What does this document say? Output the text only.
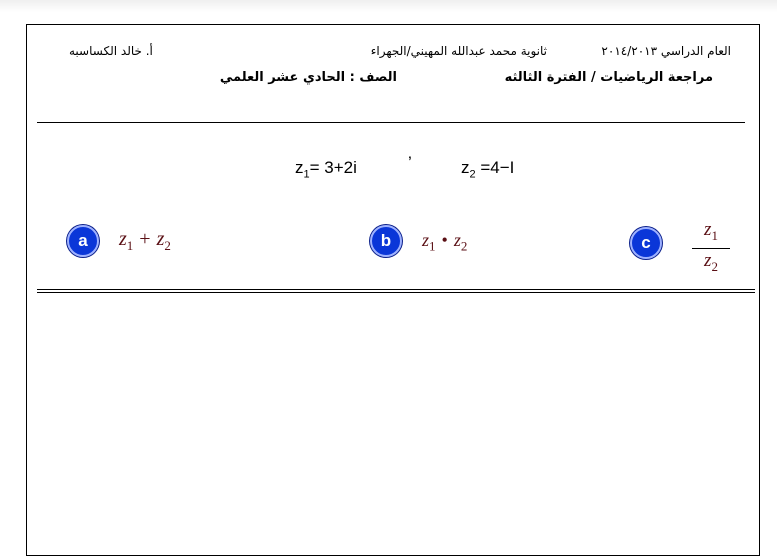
العام الدراسي ٢٠١٤/٢٠١٣
ثانوية محمد عبدالله المهيني/الجهراء
أ. خالد الكساسبه
مراجعة الرياضيات / الفترة الثالثه
الصف : الحادي عشر العلمي
$z_1= 3+2i$	’	$z_2 =4-I$
a	$z_1 + z_2$	b	$z_1$ • $z_2$	c
$z_1$
$z_2$
